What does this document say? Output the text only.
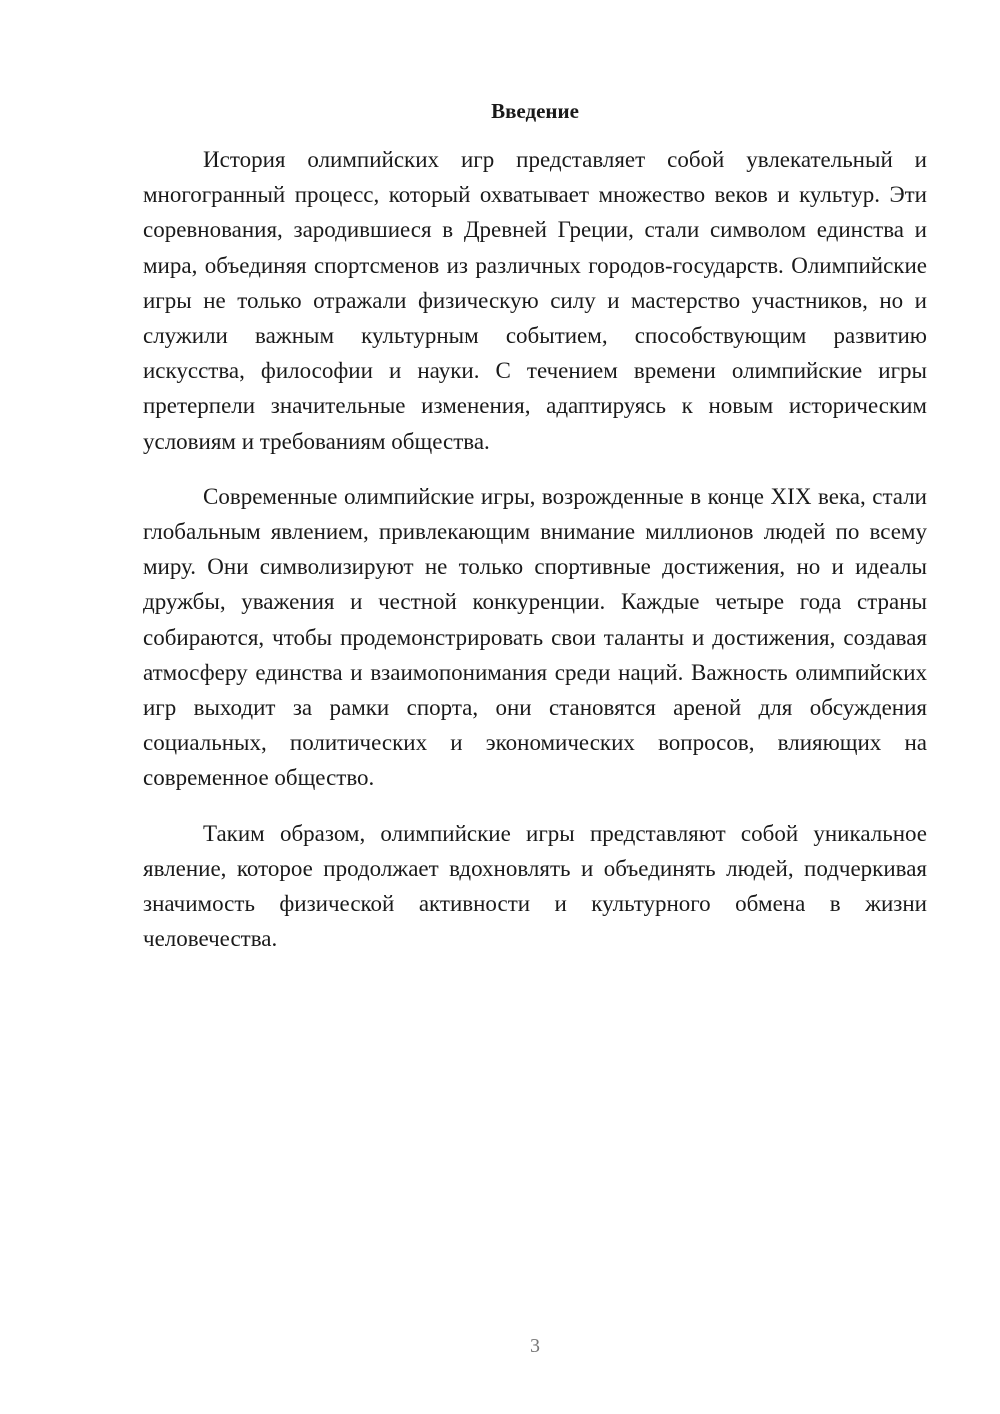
Введение

История олимпийских игр представляет собой увлекательный и многогранный процесс, который охватывает множество веков и культур. Эти соревнования, зародившиеся в Древней Греции, стали символом единства и мира, объединяя спортсменов из различных городов-государств. Олимпийские игры не только отражали физическую силу и мастерство участников, но и служили важным культурным событием, способствующим развитию искусства, философии и науки. С течением времени олимпийские игры претерпели значительные изменения, адаптируясь к новым историческим условиям и требованиям общества.

Современные олимпийские игры, возрожденные в конце XIX века, стали глобальным явлением, привлекающим внимание миллионов людей по всему миру. Они символизируют не только спортивные достижения, но и идеалы дружбы, уважения и честной конкуренции. Каждые четыре года страны собираются, чтобы продемонстрировать свои таланты и достижения, создавая атмосферу единства и взаимопонимания среди наций. Важность олимпийских игр выходит за рамки спорта, они становятся ареной для обсуждения социальных, политических и экономических вопросов, влияющих на современное общество.

Таким образом, олимпийские игры представляют собой уникальное явление, которое продолжает вдохновлять и объединять людей, подчеркивая значимость физической активности и культурного обмена в жизни человечества.

3
